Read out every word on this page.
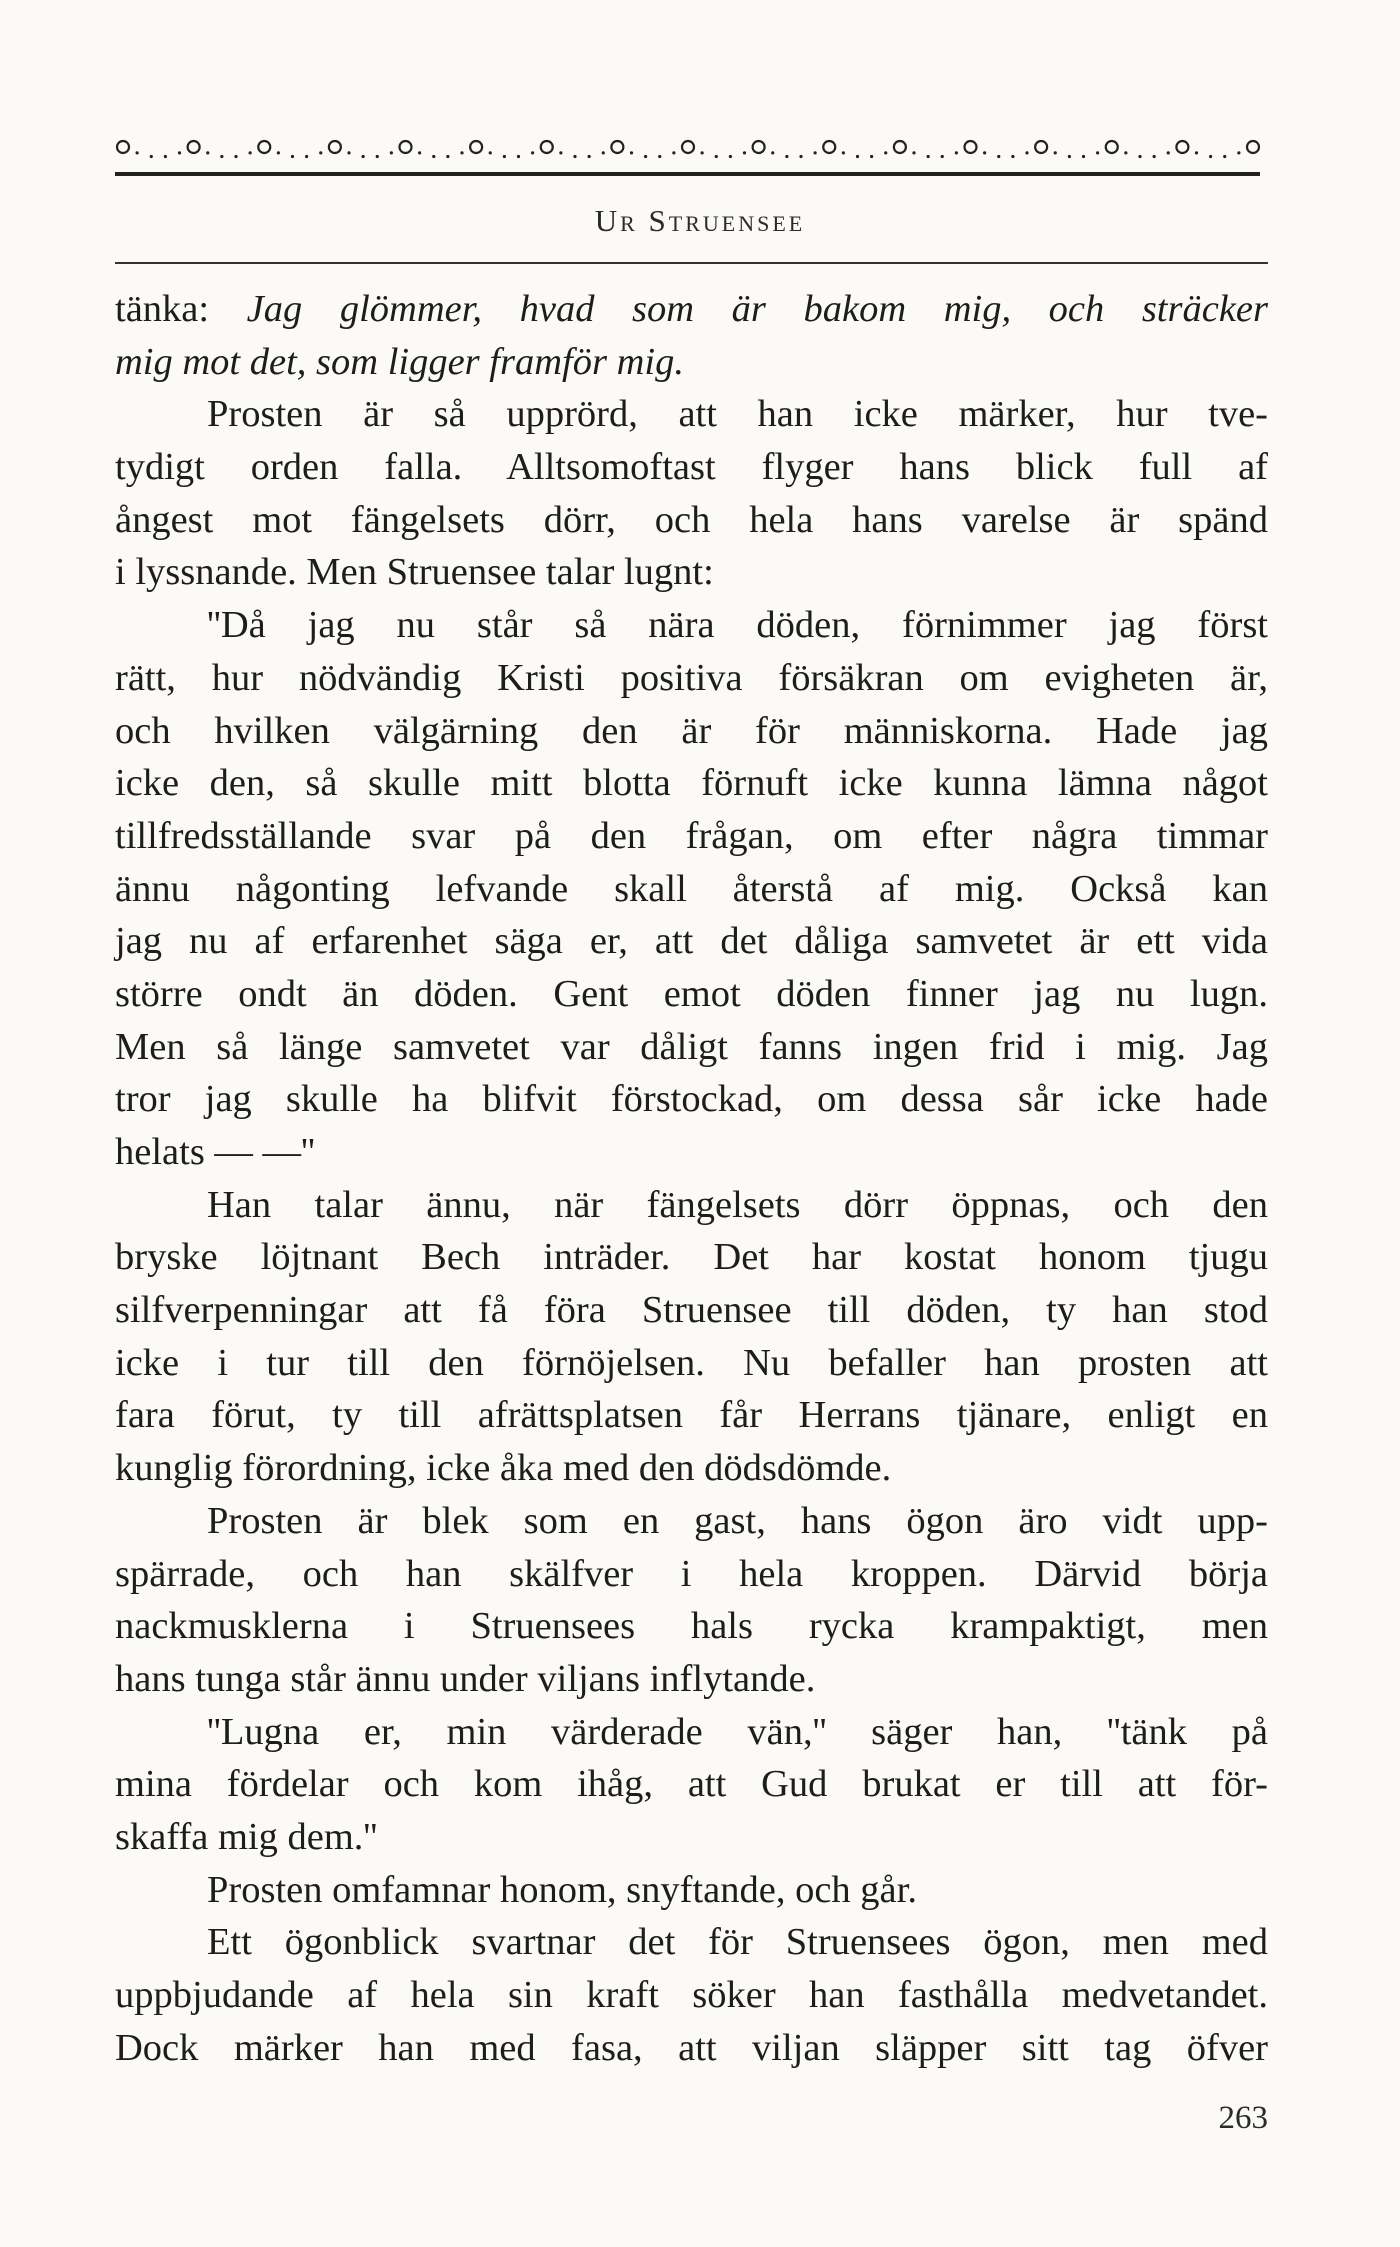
Ur Struensee
tänka: Jag glömmer, hvad som är bakom mig, och sträcker
mig mot det, som ligger framför mig.
Prosten är så upprörd, att han icke märker, hur tve-
tydigt orden falla. Alltsomoftast flyger hans blick full af
ångest mot fängelsets dörr, och hela hans varelse är spänd
i lyssnande. Men Struensee talar lugnt:
''Då jag nu står så nära döden, förnimmer jag först
rätt, hur nödvändig Kristi positiva försäkran om evigheten är,
och hvilken välgärning den är för människorna. Hade jag
icke den, så skulle mitt blotta förnuft icke kunna lämna något
tillfredsställande svar på den frågan, om efter några timmar
ännu någonting lefvande skall återstå af mig. Också kan
jag nu af erfarenhet säga er, att det dåliga samvetet är ett vida
större ondt än döden. Gent emot döden finner jag nu lugn.
Men så länge samvetet var dåligt fanns ingen frid i mig. Jag
tror jag skulle ha blifvit förstockad, om dessa sår icke hade
helats — —''
Han talar ännu, när fängelsets dörr öppnas, och den
bryske löjtnant Bech inträder. Det har kostat honom tjugu
silfverpenningar att få föra Struensee till döden, ty han stod
icke i tur till den förnöjelsen. Nu befaller han prosten att
fara förut, ty till afrättsplatsen får Herrans tjänare, enligt en
kunglig förordning, icke åka med den dödsdömde.
Prosten är blek som en gast, hans ögon äro vidt upp-
spärrade, och han skälfver i hela kroppen. Därvid börja
nackmusklerna i Struensees hals rycka krampaktigt, men
hans tunga står ännu under viljans inflytande.
''Lugna er, min värderade vän,'' säger han, ''tänk på
mina fördelar och kom ihåg, att Gud brukat er till att för-
skaffa mig dem.''
Prosten omfamnar honom, snyftande, och går.
Ett ögonblick svartnar det för Struensees ögon, men med
uppbjudande af hela sin kraft söker han fasthålla medvetandet.
Dock märker han med fasa, att viljan släpper sitt tag öfver
263
